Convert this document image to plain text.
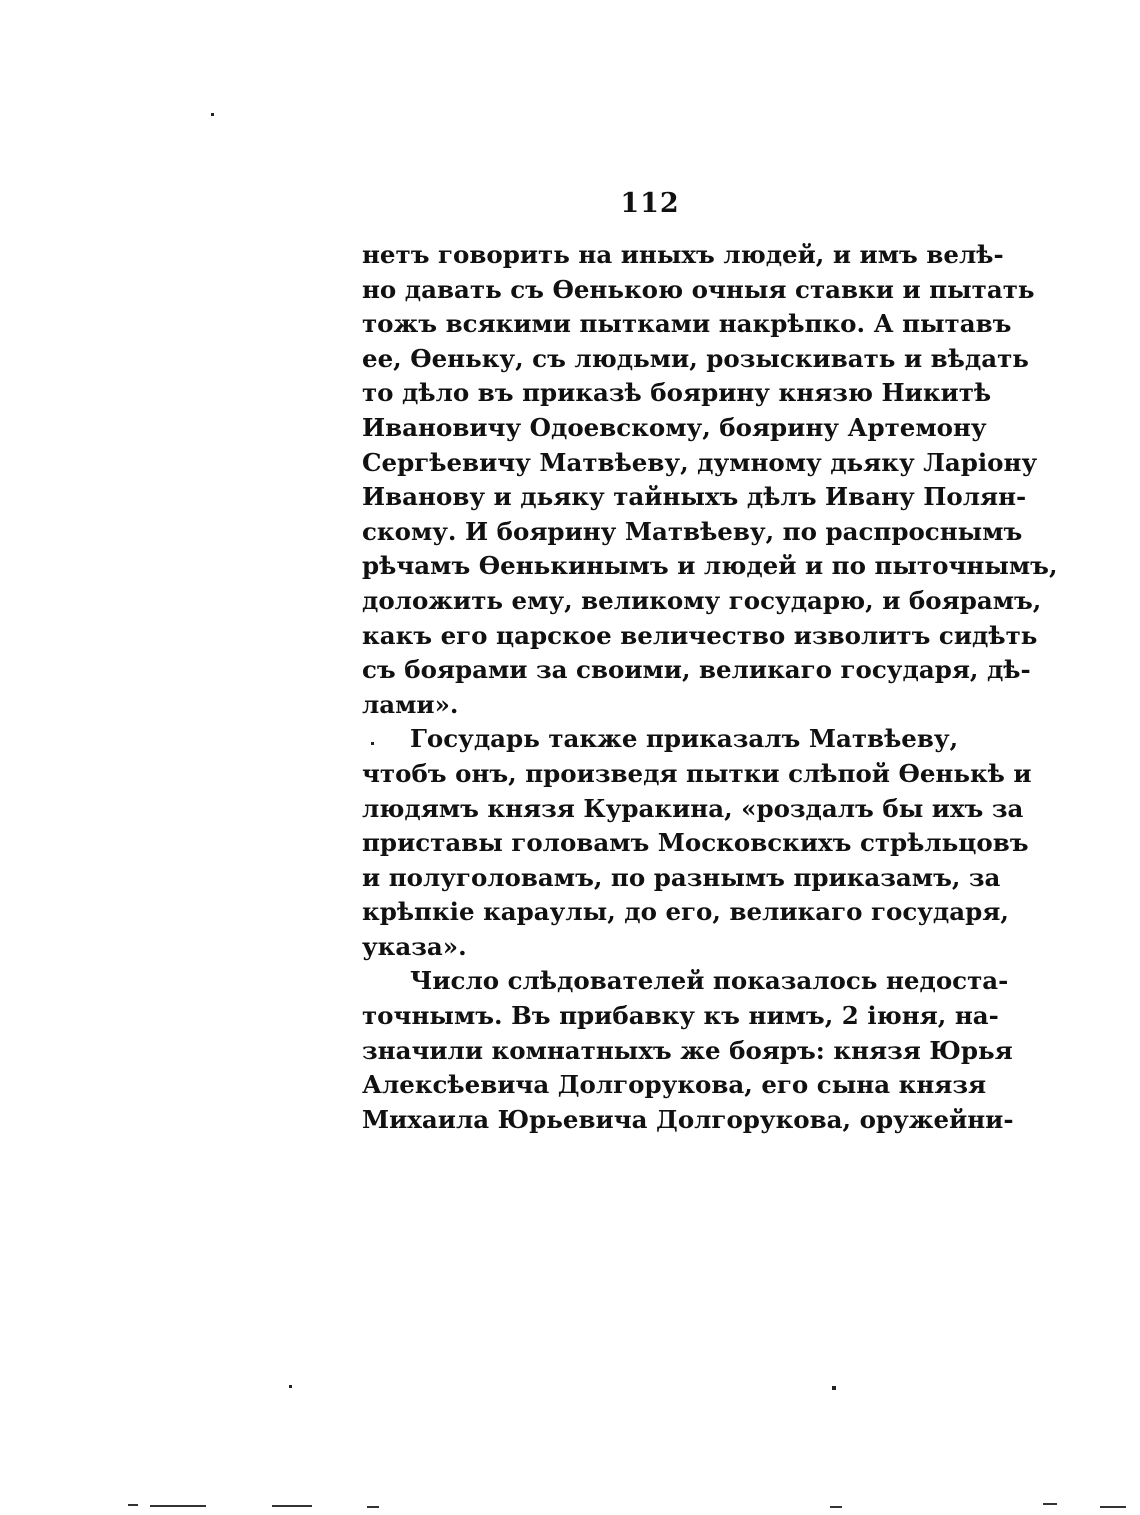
112
нетъ говорить на иныхъ людей, и имъ велѣ-
но давать съ Ѳенькою очныя ставки и пытать
тожъ всякими пытками накрѣпко. А пытавъ
ее, Ѳеньку, съ людьми, розыскивать и вѣдать
то дѣло въ приказѣ боярину князю Никитѣ
Ивановичу Одоевскому, боярину Артемону
Сергѣевичу Матвѣеву, думному дьяку Ларіону
Иванову и дьяку тайныхъ дѣлъ Ивану Полян-
скому. И боярину Матвѣеву, по распроснымъ
рѣчамъ Ѳенькинымъ и людей и по пыточнымъ,
доложить ему, великому государю, и боярамъ,
какъ его царское величество изволитъ сидѣть
съ боярами за своими, великаго государя, дѣ-
лами».
Государь также приказалъ Матвѣеву,
чтобъ онъ, произведя пытки слѣпой Ѳенькѣ и
людямъ князя Куракина, «роздалъ бы ихъ за
приставы головамъ Московскихъ стрѣльцовъ
и полуголовамъ, по разнымъ приказамъ, за
крѣпкіе караулы, до его, великаго государя,
указа».
Число слѣдователей показалось недоста-
точнымъ. Въ прибавку къ нимъ, 2 іюня, на-
значили комнатныхъ же бояръ: князя Юрья
Алексѣевича Долгорукова, его сына князя
Михаила Юрьевича Долгорукова, оружейни-
